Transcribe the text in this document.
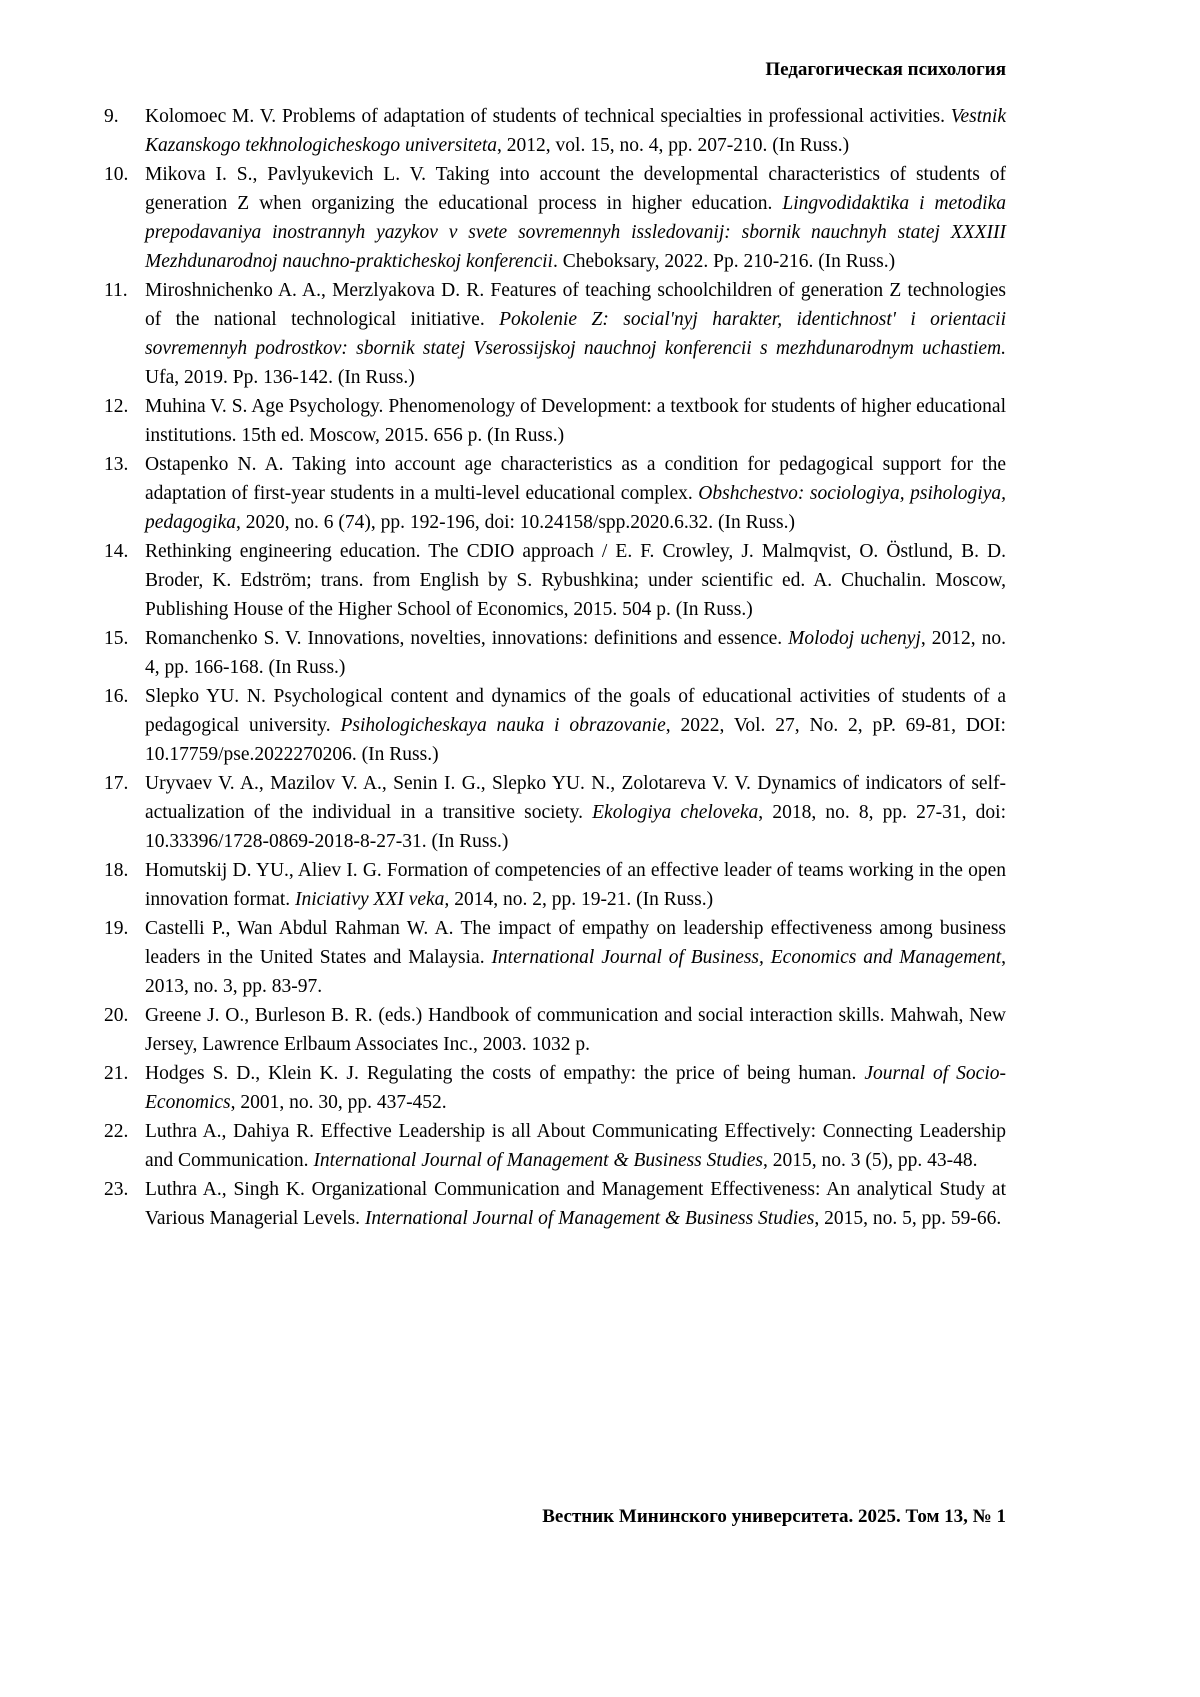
Педагогическая психология
9.	Kolomoec M. V. Problems of adaptation of students of technical specialties in professional activities. Vestnik Kazanskogo tekhnologicheskogo universiteta, 2012, vol. 15, no. 4, pp. 207-210. (In Russ.)
10. Mikova I. S., Pavlyukevich L. V. Taking into account the developmental characteristics of students of generation Z when organizing the educational process in higher education. Lingvodidaktika i metodika prepodavaniya inostrannyh yazykov v svete sovremennyh issledovanij: sbornik nauchnyh statej XXXIII Mezhdunarodnoj nauchno-prakticheskoj konferencii. Cheboksary, 2022. Pp. 210-216. (In Russ.)
11. Miroshnichenko A. A., Merzlyakova D. R. Features of teaching schoolchildren of generation Z technologies of the national technological initiative. Pokolenie Z: social'nyj harakter, identichnost' i orientacii sovremennyh podrostkov: sbornik statej Vserossijskoj nauchnoj konferencii s mezhdunarodnym uchastiem. Ufa, 2019. Pp. 136-142. (In Russ.)
12. Muhina V. S. Age Psychology. Phenomenology of Development: a textbook for students of higher educational institutions. 15th ed. Moscow, 2015. 656 p. (In Russ.)
13. Ostapenko N. A. Taking into account age characteristics as a condition for pedagogical support for the adaptation of first-year students in a multi-level educational complex. Obshchestvo: sociologiya, psihologiya, pedagogika, 2020, no. 6 (74), pp. 192-196, doi: 10.24158/spp.2020.6.32. (In Russ.)
14. Rethinking engineering education. The CDIO approach / E. F. Crowley, J. Malmqvist, O. Östlund, B. D. Broder, K. Edström; trans. from English by S. Rybushkina; under scientific ed. A. Chuchalin. Moscow, Publishing House of the Higher School of Economics, 2015. 504 p. (In Russ.)
15. Romanchenko S. V. Innovations, novelties, innovations: definitions and essence. Molodoj uchenyj, 2012, no. 4, pp. 166-168. (In Russ.)
16. Slepko YU. N. Psychological content and dynamics of the goals of educational activities of students of a pedagogical university. Psihologicheskaya nauka i obrazovanie, 2022, Vol. 27, No. 2, pP. 69-81, DOI: 10.17759/pse.2022270206. (In Russ.)
17. Uryvaev V. A., Mazilov V. A., Senin I. G., Slepko YU. N., Zolotareva V. V. Dynamics of indicators of self-actualization of the individual in a transitive society. Ekologiya cheloveka, 2018, no. 8, pp. 27-31, doi: 10.33396/1728-0869-2018-8-27-31. (In Russ.)
18. Homutskij D. YU., Aliev I. G. Formation of competencies of an effective leader of teams working in the open innovation format. Iniciativy XXI veka, 2014, no. 2, pp. 19-21. (In Russ.)
19. Castelli P., Wan Abdul Rahman W. A. The impact of empathy on leadership effectiveness among business leaders in the United States and Malaysia. International Journal of Business, Economics and Management, 2013, no. 3, pp. 83-97.
20. Greene J. O., Burleson B. R. (eds.) Handbook of communication and social interaction skills. Mahwah, New Jersey, Lawrence Erlbaum Associates Inc., 2003. 1032 p.
21. Hodges S. D., Klein K. J. Regulating the costs of empathy: the price of being human. Journal of Socio-Economics, 2001, no. 30, pp. 437-452.
22. Luthra A., Dahiya R. Effective Leadership is all About Communicating Effectively: Connecting Leadership and Communication. International Journal of Management & Business Studies, 2015, no. 3 (5), pp. 43-48.
23. Luthra A., Singh K. Organizational Communication and Management Effectiveness: An analytical Study at Various Managerial Levels. International Journal of Management & Business Studies, 2015, no. 5, pp. 59-66.
Вестник Мининского университета. 2025. Том 13, № 1
